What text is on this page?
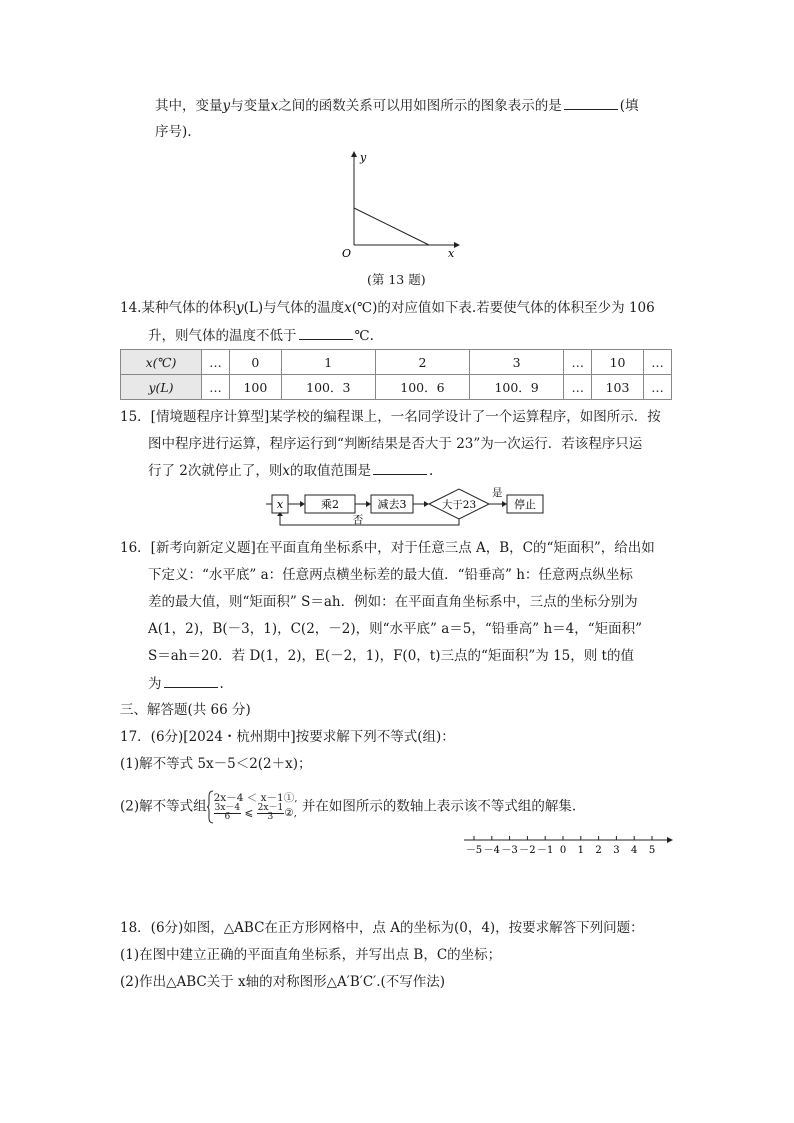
其中，变量y与变量x之间的函数关系可以用如图所示的图象表示的是	(填
序号).
y
x
O
(第 13 题)
14.某种气体的体积y(L)与气体的温度x(℃)的对应值如下表.若要使气体的体积至少为 106
升，则气体的温度不低于	℃.
x(℃)	…	0	1	2	3	…	10	…
y(L)	…	100	100．3	100．6	100．9	…	103	…
15．[情境题程序计算型]某学校的编程课上，一名同学设计了一个运算程序，如图所示．按
图中程序进行运算，程序运行到“判断结果是否大于 23”为一次运行．若该程序只运
行了 2次就停止了，则x的取值范围是	.
x	乘2	减去3	大于23
是
停止
否
16．[新考向新定义题]在平面直角坐标系中，对于任意三点 A，B，C的“矩面积”，给出如
下定义：“水平底” a：任意两点横坐标差的最大值．“铅垂高” h：任意两点纵坐标
差的最大值，则“矩面积” S＝ah．例如：在平面直角坐标系中，三点的坐标分别为
A(1，2)，B(－3，1)，C(2，－2)，则“水平底” a＝5，“铅垂高” h＝4，“矩面积”
S＝ah＝20．若 D(1，2)，E(－2，1)，F(0，t)三点的“矩面积”为 15，则 t的值
为	.
三、解答题(共 66 分)
17．(6分)[2024・杭州期中]按要求解下列不等式(组)：
(1)解不等式 5x－5＜2(2＋x)；
(2)解不等式组2x－4 ＜ x－1①,
$\frac{3x-4}{6}$ ⩽ $\frac{2x-1}{3}②$, 并在如图所示的数轴上表示该不等式组的解集.
－5 －4 －3 －2 －1 0 1 2 3 4 5
18．(6分)如图，△ABC在正方形网格中，点 A的坐标为(0，4)，按要求解答下列问题：
(1)在图中建立正确的平面直角坐标系，并写出点 B，C的坐标；
(2)作出△ABC关于 x轴的对称图形△A′B′C′.(不写作法)
